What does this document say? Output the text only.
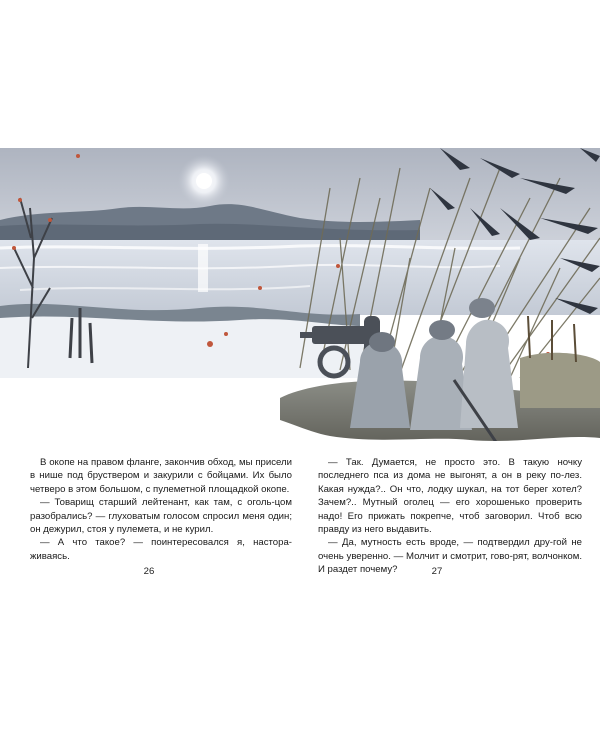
В окопе на правом фланге, закончив обход, мы присели в нише под бруствером и закурили с бойцами. Их было четверо в этом большом, с пулеметной площадкой окопе.

— Товарищ старший лейтенант, как там, с оголь-цом разобрались? — глуховатым голосом спросил меня один; он дежурил, стоя у пулемета, и не курил.

— А что такое? — поинтересовался я, настора-живаясь.

— Так. Думается, не просто это. В такую ночку последнего пса из дома не выгонят, а он в реку по-лез. Какая нужда?.. Он что, лодку шукал, на тот берег хотел? Зачем?.. Мутный оголец — его хорошенько проверить надо! Его прижать покрепче, чтоб заговорил. Чтоб всю правду из него выдавить.

— Да, мутность есть вроде, — подтвердил дру-гой не очень уверенно. — Молчит и смотрит, гово-рят, волчонком. И раздет почему?

26	27
